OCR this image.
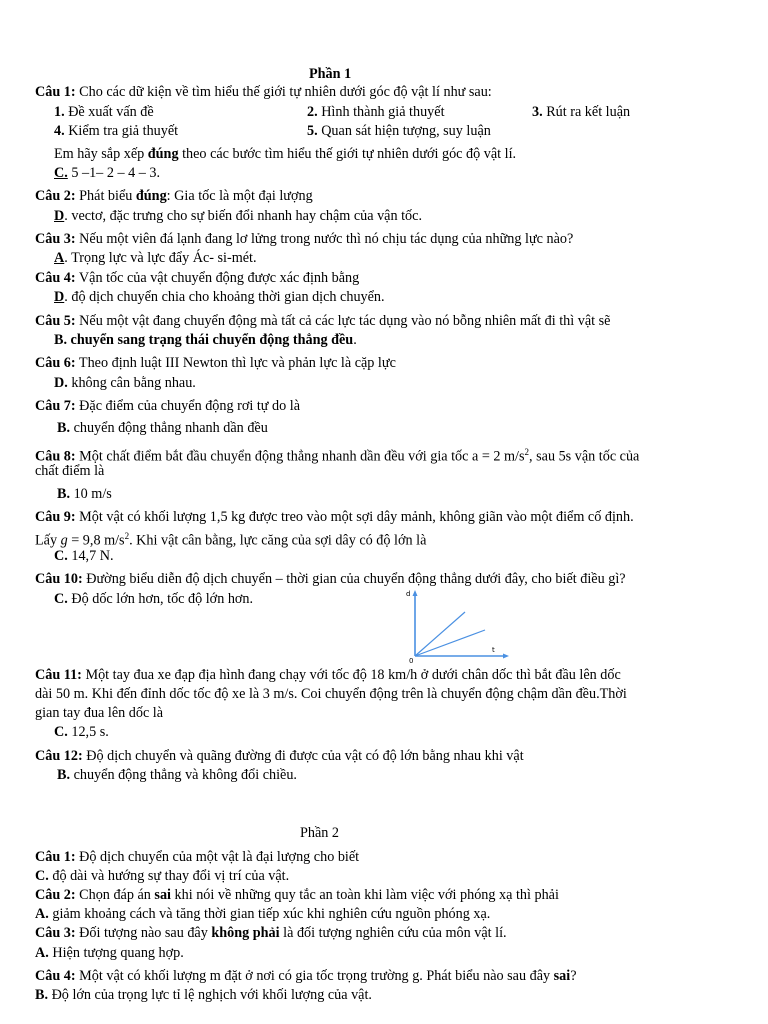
Phần 1
Câu 1: Cho các dữ kiện về tìm hiểu thế giới tự nhiên dưới góc độ vật lí như sau:
1. Đề xuất vấn đề	2. Hình thành giả thuyết	3. Rút ra kết luận
4. Kiểm tra giả thuyết	5. Quan sát hiện tượng, suy luận
Em hãy sắp xếp đúng theo các bước tìm hiểu thế giới tự nhiên dưới góc độ vật lí.
C. 5 –1– 2 – 4 – 3.
Câu 2: Phát biểu đúng: Gia tốc là một đại lượng
D. vectơ, đặc trưng cho sự biến đổi nhanh hay chậm của vận tốc.
Câu 3: Nếu một viên đá lạnh đang lơ lửng trong nước thì nó chịu tác dụng của những lực nào?
A. Trọng lực và lực đẩy Ác- si-mét.
Câu 4: Vận tốc của vật chuyển động được xác định bằng
D. độ dịch chuyển chia cho khoảng thời gian dịch chuyển.
Câu 5: Nếu một vật đang chuyển động mà tất cả các lực tác dụng vào nó bỗng nhiên mất đi thì vật sẽ
B. chuyển sang trạng thái chuyển động thẳng đều.
Câu 6: Theo định luật III Newton thì lực và phản lực là cặp lực
D. không cân bằng nhau.
Câu 7: Đặc điểm của chuyển động rơi tự do là
B. chuyển động thẳng nhanh dần đều
Câu 8: Một chất điểm bắt đầu chuyển động thẳng nhanh dần đều với gia tốc a = 2 $m/s^2$, sau 5s vận tốc của
chất điểm là
B. 10 m/s
Câu 9: Một vật có khối lượng 1,5 kg được treo vào một sợi dây mảnh, không giãn vào một điểm cố định.
Lấy g = 9,8 $m/s^2$. Khi vật cân bằng, lực căng của sợi dây có độ lớn là
C. 14,7 N.
Câu 10: Đường biểu diễn độ dịch chuyển – thời gian của chuyển động thẳng dưới đây, cho biết điều gì?
C. Độ dốc lớn hơn, tốc độ lớn hơn.	d
t
0
Câu 11: Một tay đua xe đạp địa hình đang chạy với tốc độ 18 km/h ở dưới chân dốc thì bắt đầu lên dốc
dài 50 m. Khi đến đỉnh dốc tốc độ xe là 3 m/s. Coi chuyển động trên là chuyển động chậm dần đều.Thời
gian tay đua lên dốc là
C. 12,5 s.
Câu 12: Độ dịch chuyển và quãng đường đi được của vật có độ lớn bằng nhau khi vật
B. chuyển động thẳng và không đổi chiều.
Phần 2
Câu 1: Độ dịch chuyển của một vật là đại lượng cho biết
C. độ dài và hướng sự thay đổi vị trí của vật.
Câu 2: Chọn đáp án sai khi nói về những quy tắc an toàn khi làm việc với phóng xạ thì phải
A. giảm khoảng cách và tăng thời gian tiếp xúc khi nghiên cứu nguồn phóng xạ.
Câu 3: Đối tượng nào sau đây không phải là đối tượng nghiên cứu của môn vật lí.
A. Hiện tượng quang hợp.
Câu 4: Một vật có khối lượng m đặt ở nơi có gia tốc trọng trường g. Phát biểu nào sau đây sai?
B. Độ lớn của trọng lực tỉ lệ nghịch với khối lượng của vật.
